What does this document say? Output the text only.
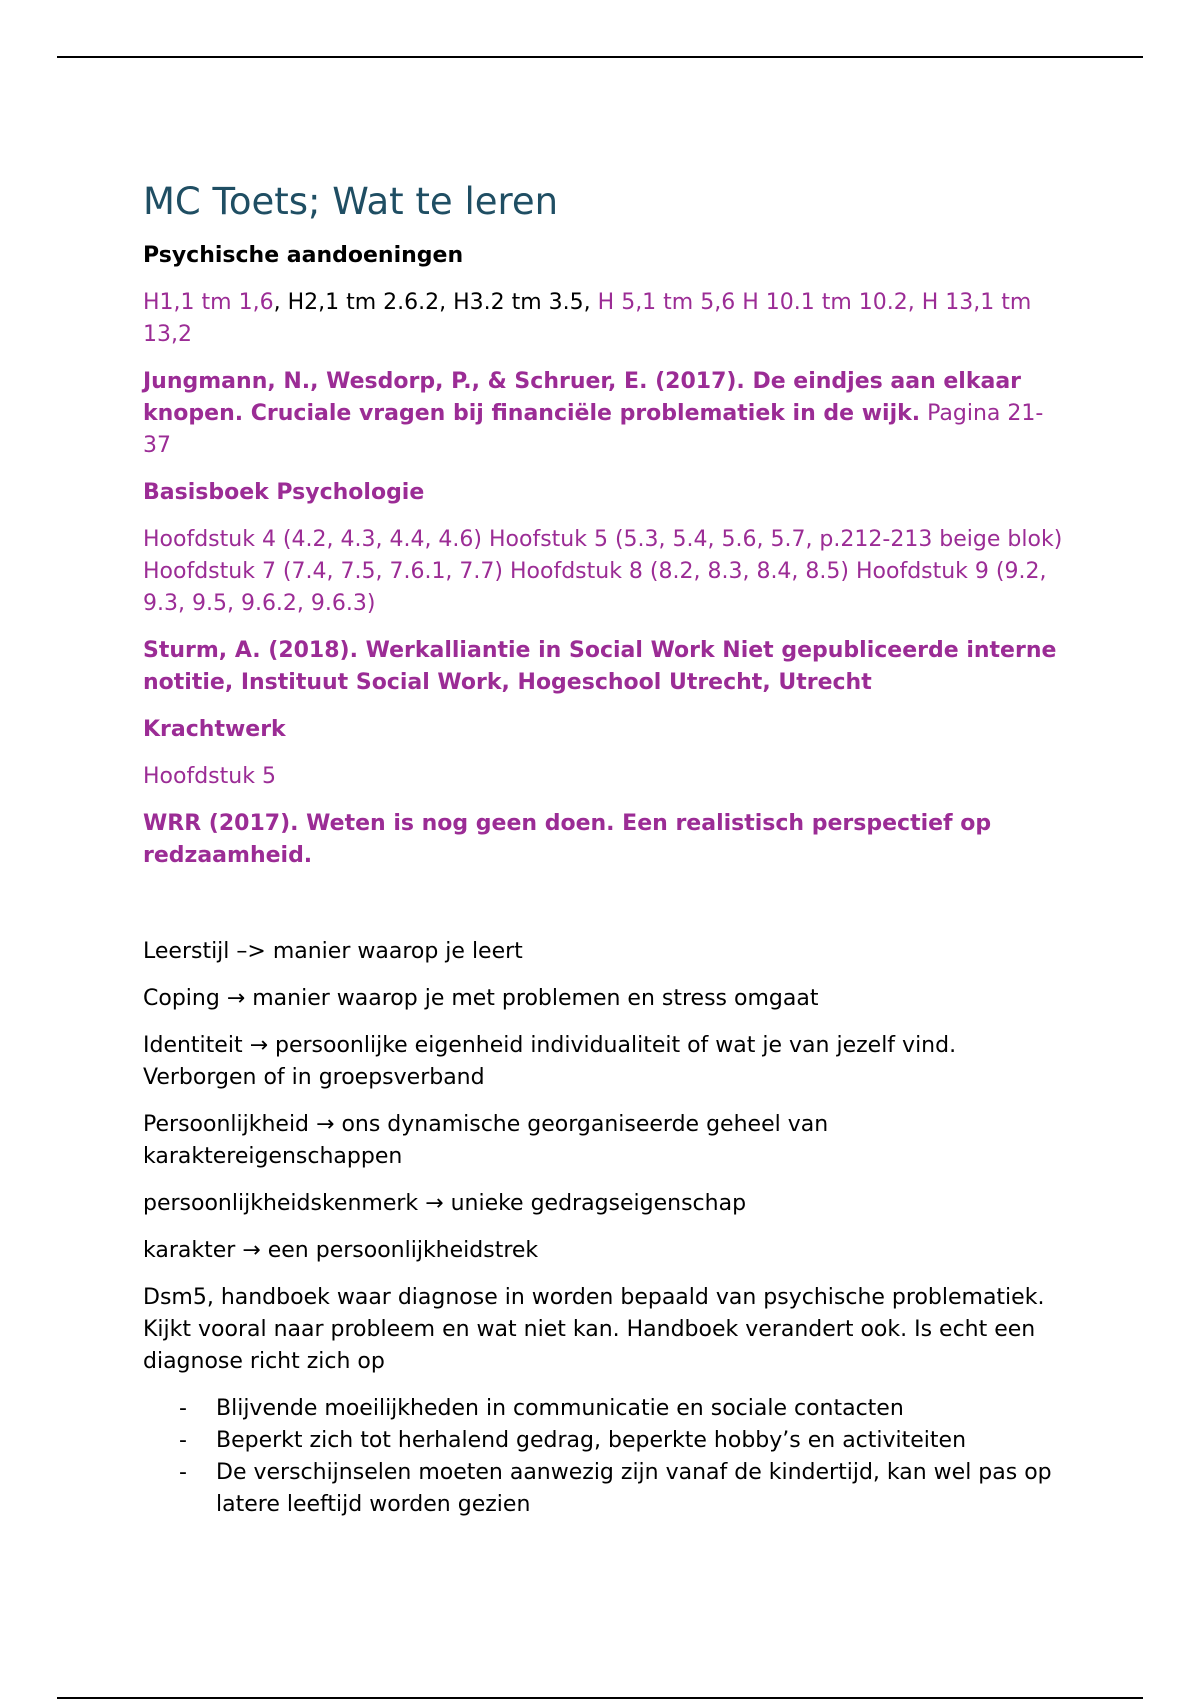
MC Toets; Wat te leren

Psychische aandoeningen

H1,1 tm 1,6, H2,1 tm 2.6.2, H3.2 tm 3.5, H 5,1 tm 5,6 H 10.1 tm 10.2, H 13,1 tm 13,2

Jungmann, N., Wesdorp, P., & Schruer, E. (2017). De eindjes aan elkaar knopen. Cruciale vragen bij financiële problematiek in de wijk. Pagina 21- 37

Basisboek Psychologie

Hoofdstuk 4 (4.2, 4.3, 4.4, 4.6) Hoofstuk 5 (5.3, 5.4, 5.6, 5.7, p.212-213 beige blok) Hoofdstuk 7 (7.4, 7.5, 7.6.1, 7.7) Hoofdstuk 8 (8.2, 8.3, 8.4, 8.5) Hoofdstuk 9 (9.2, 9.3, 9.5, 9.6.2, 9.6.3)

Sturm, A. (2018). Werkalliantie in Social Work Niet gepubliceerde interne notitie, Instituut Social Work, Hogeschool Utrecht, Utrecht

Krachtwerk

Hoofdstuk 5

WRR (2017). Weten is nog geen doen. Een realistisch perspectief op redzaamheid.

Leerstijl –> manier waarop je leert

Coping → manier waarop je met problemen en stress omgaat

Identiteit → persoonlijke eigenheid individualiteit of wat je van jezelf vind. Verborgen of in groepsverband

Persoonlijkheid → ons dynamische georganiseerde geheel van karaktereigenschappen

persoonlijkheidskenmerk → unieke gedragseigenschap

karakter → een persoonlijkheidstrek

Dsm5, handboek waar diagnose in worden bepaald van psychische problematiek. Kijkt vooral naar probleem en wat niet kan. Handboek verandert ook. Is echt een diagnose richt zich op

- Blijvende moeilijkheden in communicatie en sociale contacten
- Beperkt zich tot herhalend gedrag, beperkte hobby’s en activiteiten
- De verschijnselen moeten aanwezig zijn vanaf de kindertijd, kan wel pas op latere leeftijd worden gezien
